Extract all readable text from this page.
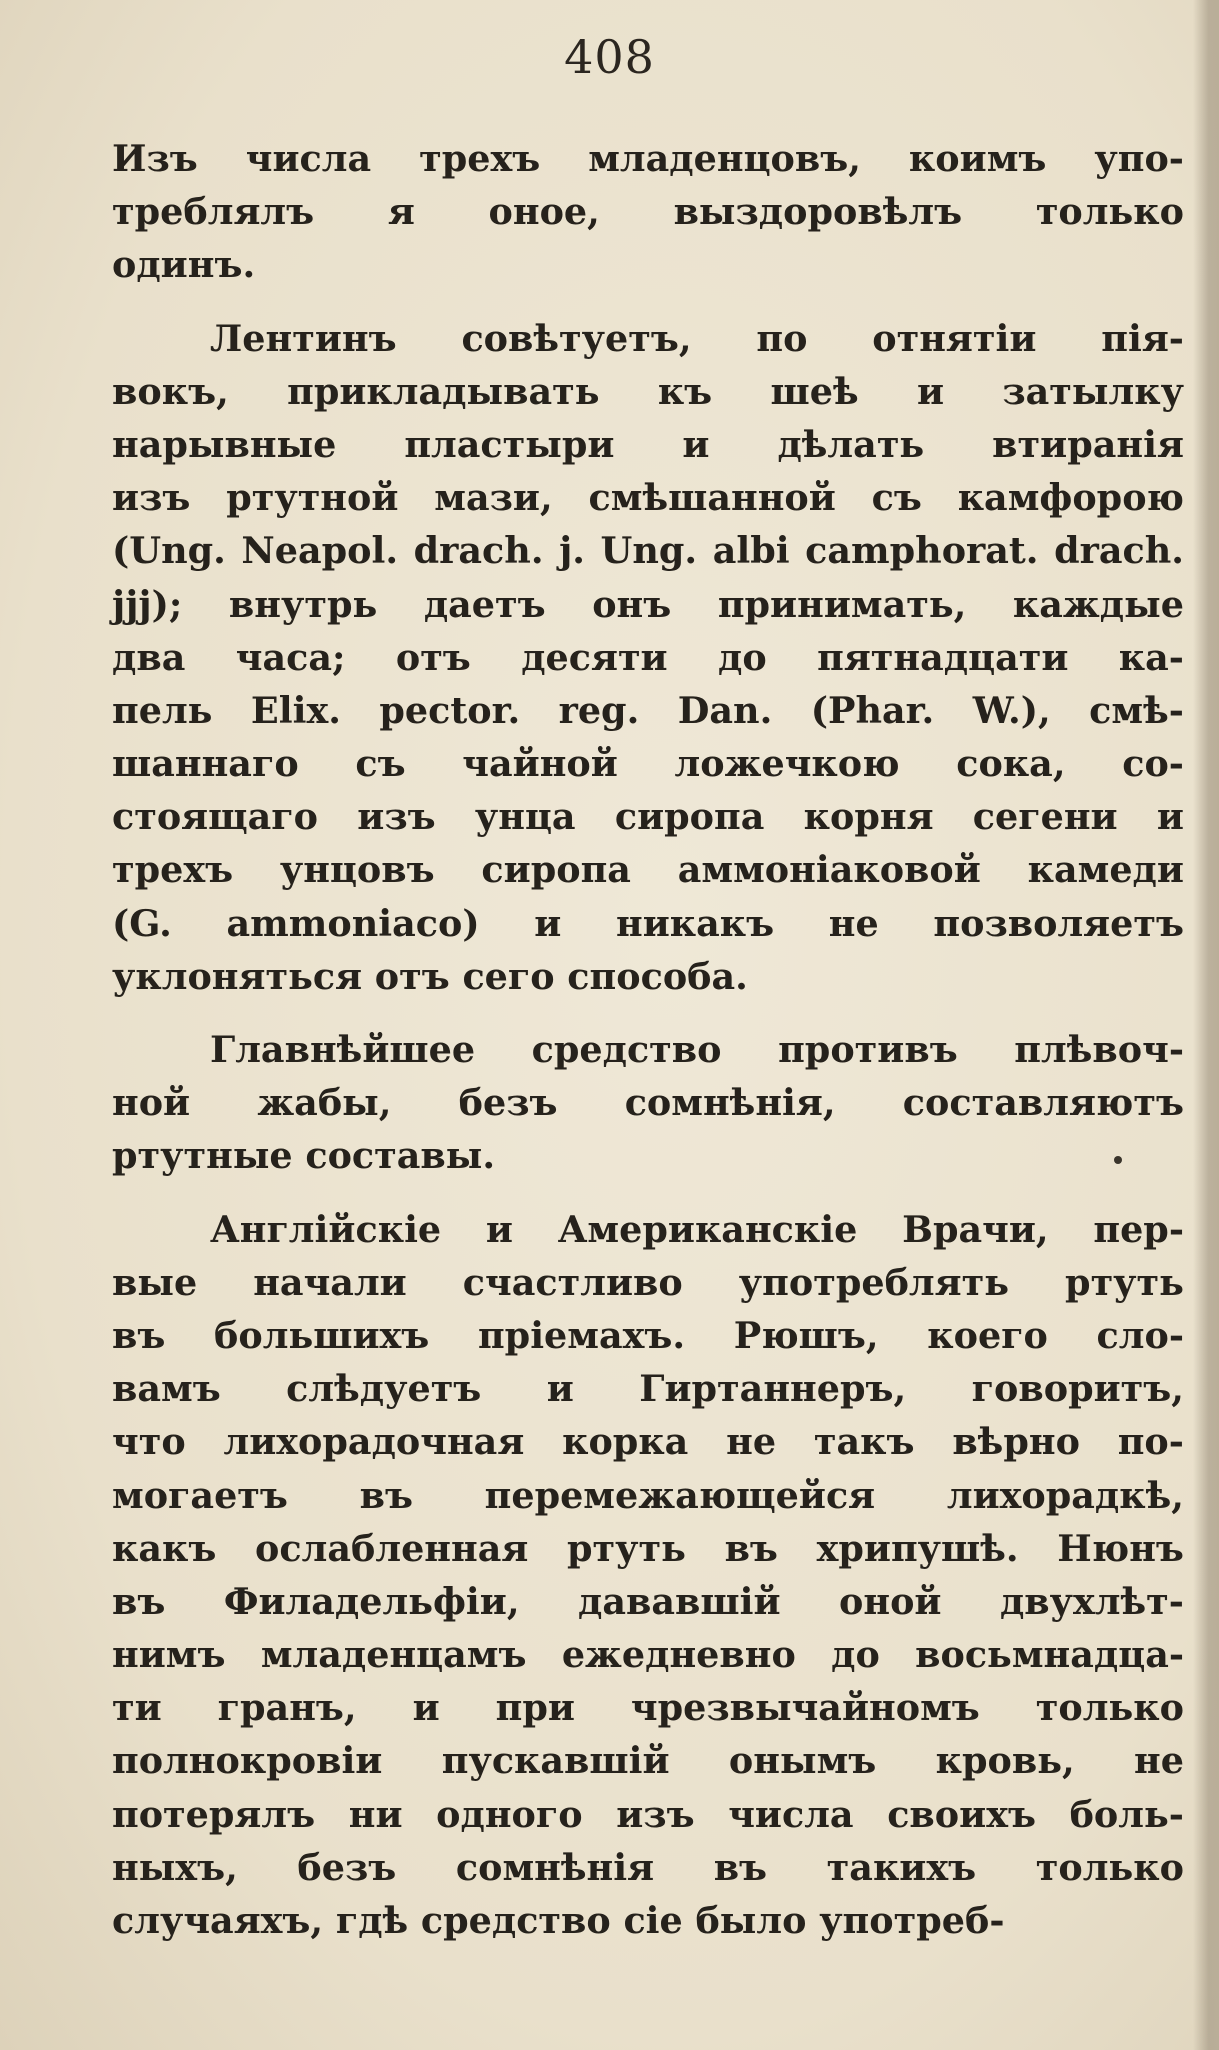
408
Изъ числа трехъ младенцовъ, коимъ упо-
треблялъ я оное, выздоровѣлъ только
одинъ.
Лентинъ совѣтуетъ, по отнятіи пія-
вокъ, прикладывать къ шеѣ и затылку
нарывные пластыри и дѣлать втиранія
изъ ртутной мази, смѣшанной съ камфорою
(Ung. Neapol. drach. j. Ung. albi camphorat. drach.
jjj); внутрь даетъ онъ принимать, каждые
два часа; отъ десяти до пятнадцати ка-
пель Elix. pector. reg. Dan. (Phar. W.), смѣ-
шаннаго съ чайной ложечкою сока, со-
стоящаго изъ унца сиропа корня сегени и
трехъ унцовъ сиропа аммоніаковой камеди
(G. ammoniaco) и никакъ не позволяетъ
уклоняться отъ сего способа.
Главнѣйшее средство противъ плѣвоч-
ной жабы, безъ сомнѣнія, составляютъ
ртутные составы.
Англійскіе и Американскіе Врачи, пер-
вые начали счастливо употреблять ртуть
въ большихъ пріемахъ. Рюшъ, коего сло-
вамъ слѣдуетъ и Гиртаннеръ, говоритъ,
что лихорадочная корка не такъ вѣрно по-
могаетъ въ перемежающейся лихорадкѣ,
какъ ослабленная ртуть въ хрипушѣ. Нюнъ
въ Филадельфіи, дававшій оной двухлѣт-
нимъ младенцамъ ежедневно до восьмнадца-
ти гранъ, и при чрезвычайномъ только
полнокровіи пускавшій онымъ кровь, не
потерялъ ни одного изъ числа своихъ боль-
ныхъ, безъ сомнѣнія въ такихъ только
случаяхъ, гдѣ средство сіе было употреб-
